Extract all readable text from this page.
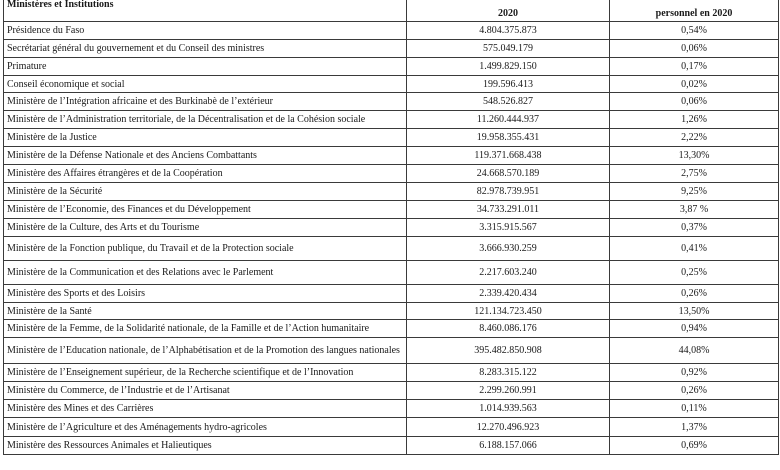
Ministères et Institutions	2020	personnel en 2020
Présidence du Faso	4.804.375.873	0,54%
Secrétariat général du gouvernement et du Conseil des ministres	575.049.179	0,06%
Primature	1.499.829.150	0,17%
Conseil économique et social	199.596.413	0,02%
Ministère de l’Intégration africaine et des Burkinabè de l’extérieur	548.526.827	0,06%
Ministère de l’Administration territoriale, de la Décentralisation et de la Cohésion sociale	11.260.444.937	1,26%
Ministère de la Justice	19.958.355.431	2,22%
Ministère de la Défense Nationale et des Anciens Combattants	119.371.668.438	13,30%
Ministère des Affaires étrangères et de la Coopération	24.668.570.189	2,75%
Ministère de la Sécurité	82.978.739.951	9,25%
Ministère de l’Economie, des Finances et du Développement	34.733.291.011	3,87 %
Ministère de la Culture, des Arts et du Tourisme	3.315.915.567	0,37%
Ministère de la Fonction publique, du Travail et de la Protection sociale	3.666.930.259	0,41%
Ministère de la Communication et des Relations avec le Parlement	2.217.603.240	0,25%
Ministère des Sports et des Loisirs	2.339.420.434	0,26%
Ministère de la Santé	121.134.723.450	13,50%
Ministère de la Femme, de la Solidarité nationale, de la Famille et de l’Action humanitaire	8.460.086.176	0,94%
Ministère de l’Education nationale, de l’Alphabétisation et de la Promotion des langues nationales	395.482.850.908	44,08%
Ministère de l’Enseignement supérieur, de la Recherche scientifique et de l’Innovation	8.283.315.122	0,92%
Ministère du Commerce, de l’Industrie et de l’Artisanat	2.299.260.991	0,26%
Ministère des Mines et des Carrières	1.014.939.563	0,11%
Ministère de l’Agriculture et des Aménagements hydro-agricoles	12.270.496.923	1,37%
Ministère des Ressources Animales et Halieutiques	6.188.157.066	0,69%
